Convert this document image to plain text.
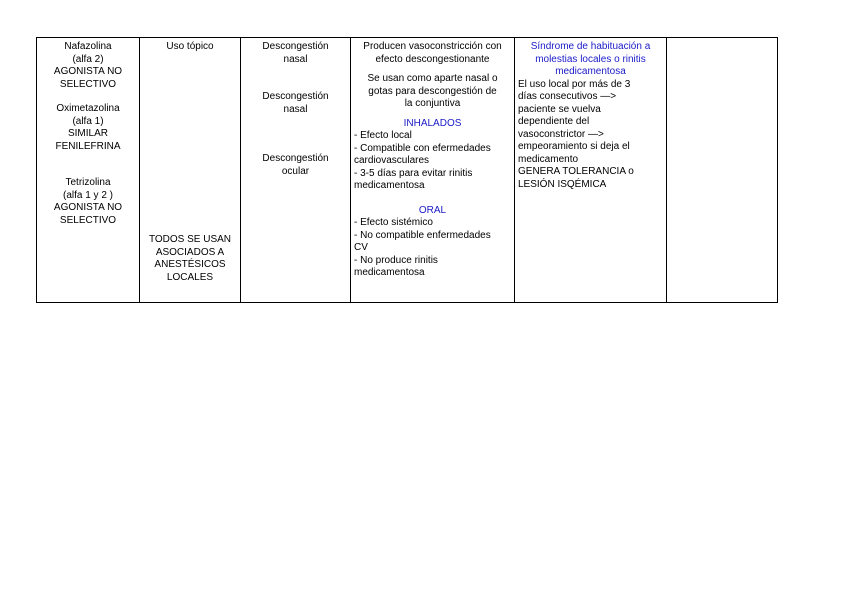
Nafazolina
(alfa 2)
AGONISTA NO
SELECTIVO
Oximetazolina
(alfa 1)
SIMILAR
FENILEFRINA
Tetrizolina
(alfa 1 y 2 )
AGONISTA NO
SELECTIVO

Uso tópico
TODOS SE USAN
ASOCIADOS A
ANESTÉSICOS
LOCALES

Descongestión
nasal
Descongestión
nasal
Descongestión
ocular

Producen vasoconstricción con
efecto descongestionante
Se usan como aparte nasal o
gotas para descongestión de
la conjuntiva
INHALADOS
- Efecto local
- Compatible con efermedades
cardiovasculares
- 3-5 días para evitar rinitis
medicamentosa
ORAL
- Efecto sistémico
- No compatible enfermedades
CV
- No produce rinitis
medicamentosa

Síndrome de habituación a
molestias locales o rinitis
medicamentosa
El uso local por más de 3
días consecutivos —>
paciente se vuelva
dependiente del
vasoconstrictor —>
empeoramiento si deja el
medicamento
GENERA TOLERANCIA o
LESIÓN ISQÉMICA
